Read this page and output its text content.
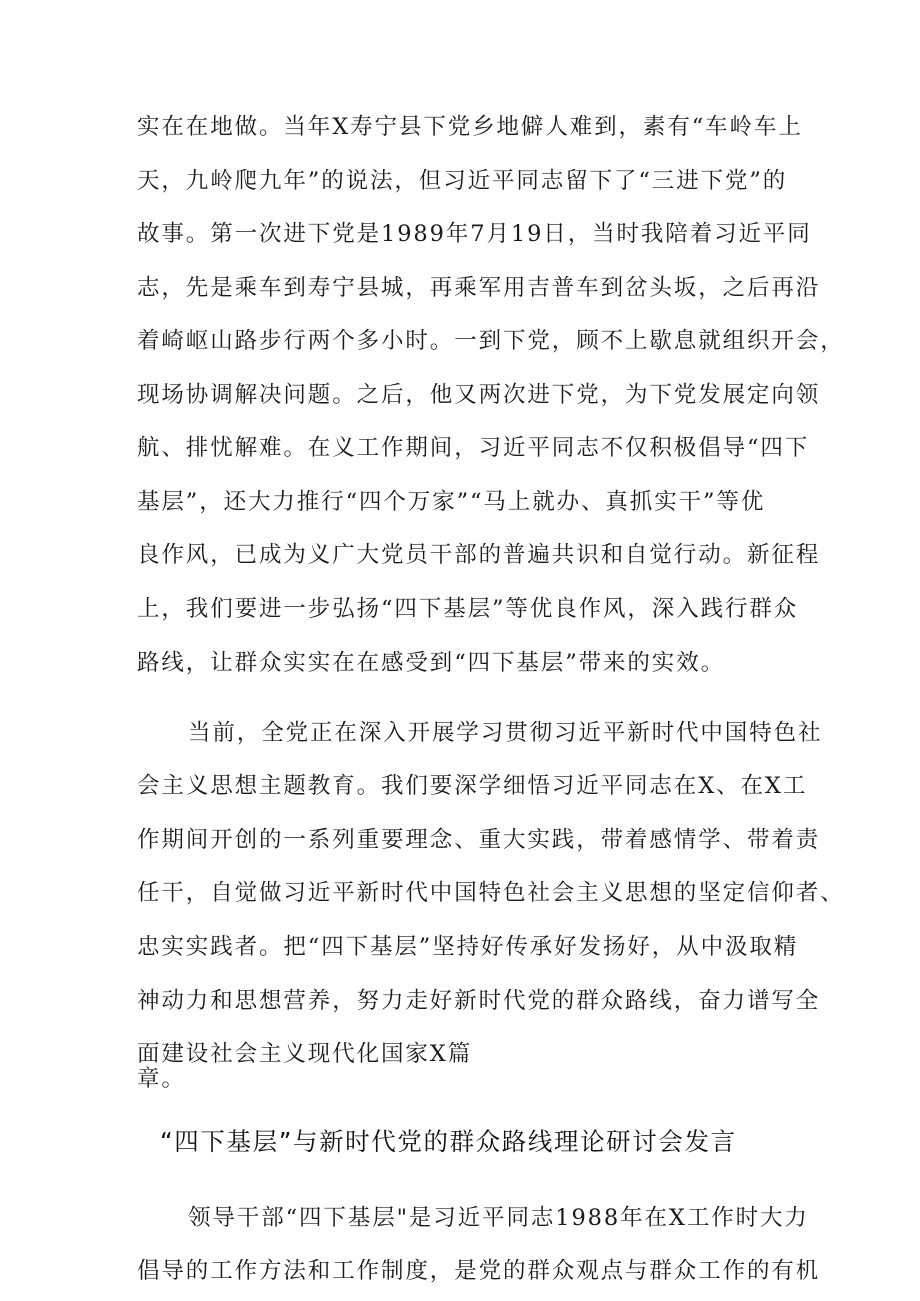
实在在地做。当年X寿宁县下党乡地僻人难到，素有“车岭车上
天，九岭爬九年”的说法，但习近平同志留下了“三进下党”的
故事。第一次进下党是1989年7月19日，当时我陪着习近平同
志，先是乘车到寿宁县城，再乘军用吉普车到岔头坂，之后再沿
着崎岖山路步行两个多小时。一到下党，顾不上歇息就组织开会，
现场协调解决问题。之后，他又两次进下党，为下党发展定向领
航、排忧解难。在义工作期间，习近平同志不仅积极倡导“四下
基层”，还大力推行“四个万家”“马上就办、真抓实干”等优
良作风，已成为义广大党员干部的普遍共识和自觉行动。新征程
上，我们要进一步弘扬“四下基层”等优良作风，深入践行群众
路线，让群众实实在在感受到“四下基层”带来的实效。
当前，全党正在深入开展学习贯彻习近平新时代中国特色社
会主义思想主题教育。我们要深学细悟习近平同志在X、在X工
作期间开创的一系列重要理念、重大实践，带着感情学、带着责
任干，自觉做习近平新时代中国特色社会主义思想的坚定信仰者、
忠实实践者。把“四下基层”坚持好传承好发扬好，从中汲取精
神动力和思想营养，努力走好新时代党的群众路线，奋力谱写全
面建设社会主义现代化国家X篇
章。
“四下基层”与新时代党的群众路线理论研讨会发言
领导干部“四下基层"是习近平同志1988年在X工作时大力
倡导的工作方法和工作制度，是党的群众观点与群众工作的有机
